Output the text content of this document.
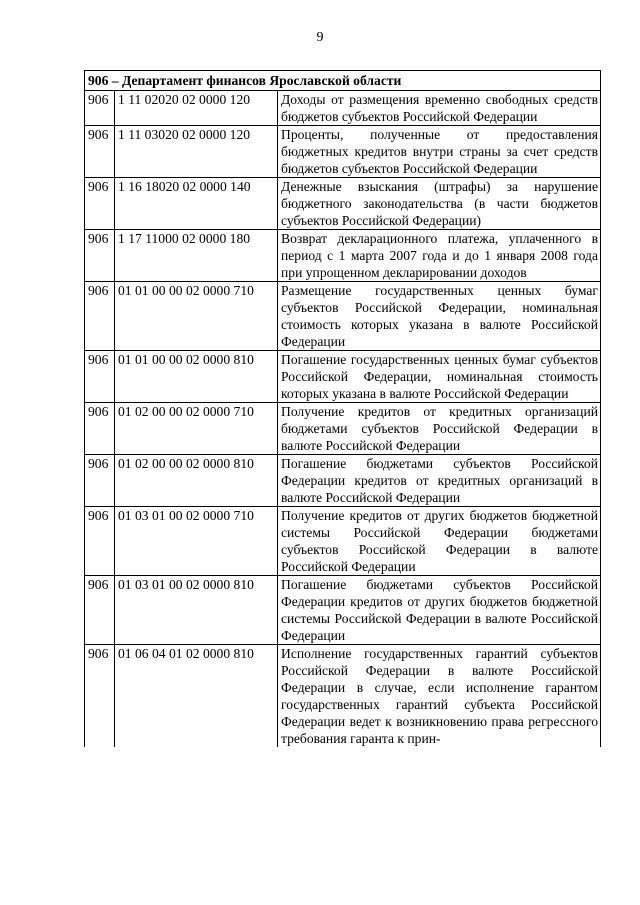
9
906 – Департамент финансов Ярославской области		
906	1 11 02020 02 0000 120	Доходы от размещения временно свободных средств бюджетов субъектов Российской Федерации
906	1 11 03020 02 0000 120	Проценты, полученные от предоставления бюджетных кредитов внутри страны за счет средств бюджетов субъектов Российской Федерации
906	1 16 18020 02 0000 140	Денежные взыскания (штрафы) за нарушение бюджетного законодательства (в части бюджетов субъектов Российской Федерации)
906	1 17 11000 02 0000 180	Возврат декларационного платежа, уплаченного в период с 1 марта 2007 года и до 1 января 2008 года при упрощенном декларировании доходов
906	01 01 00 00 02 0000 710	Размещение государственных ценных бумаг субъектов Российской Федерации, номинальная стоимость которых указана в валюте Российской Федерации
906	01 01 00 00 02 0000 810	Погашение государственных ценных бумаг субъектов Российской Федерации, номинальная стоимость которых указана в валюте Российской Федерации
906	01 02 00 00 02 0000 710	Получение кредитов от кредитных организаций бюджетами субъектов Российской Федерации в валюте Российской Федерации
906	01 02 00 00 02 0000 810	Погашение бюджетами субъектов Российской Федерации кредитов от кредитных организаций в валюте Российской Федерации
906	01 03 01 00 02 0000 710	Получение кредитов от других бюджетов бюджетной системы Российской Федерации бюджетами субъектов Российской Федерации в валюте Российской Федерации
906	01 03 01 00 02 0000 810	Погашение бюджетами субъектов Российской Федерации кредитов от других бюджетов бюджетной системы Российской Федерации в валюте Российской Федерации
906	01 06 04 01 02 0000 810	Исполнение государственных гарантий субъектов Российской Федерации в валюте Российской Федерации в случае, если исполнение гарантом государственных гарантий субъекта Российской Федерации ведет к возникновению права регрессного требования гаранта к прин-
